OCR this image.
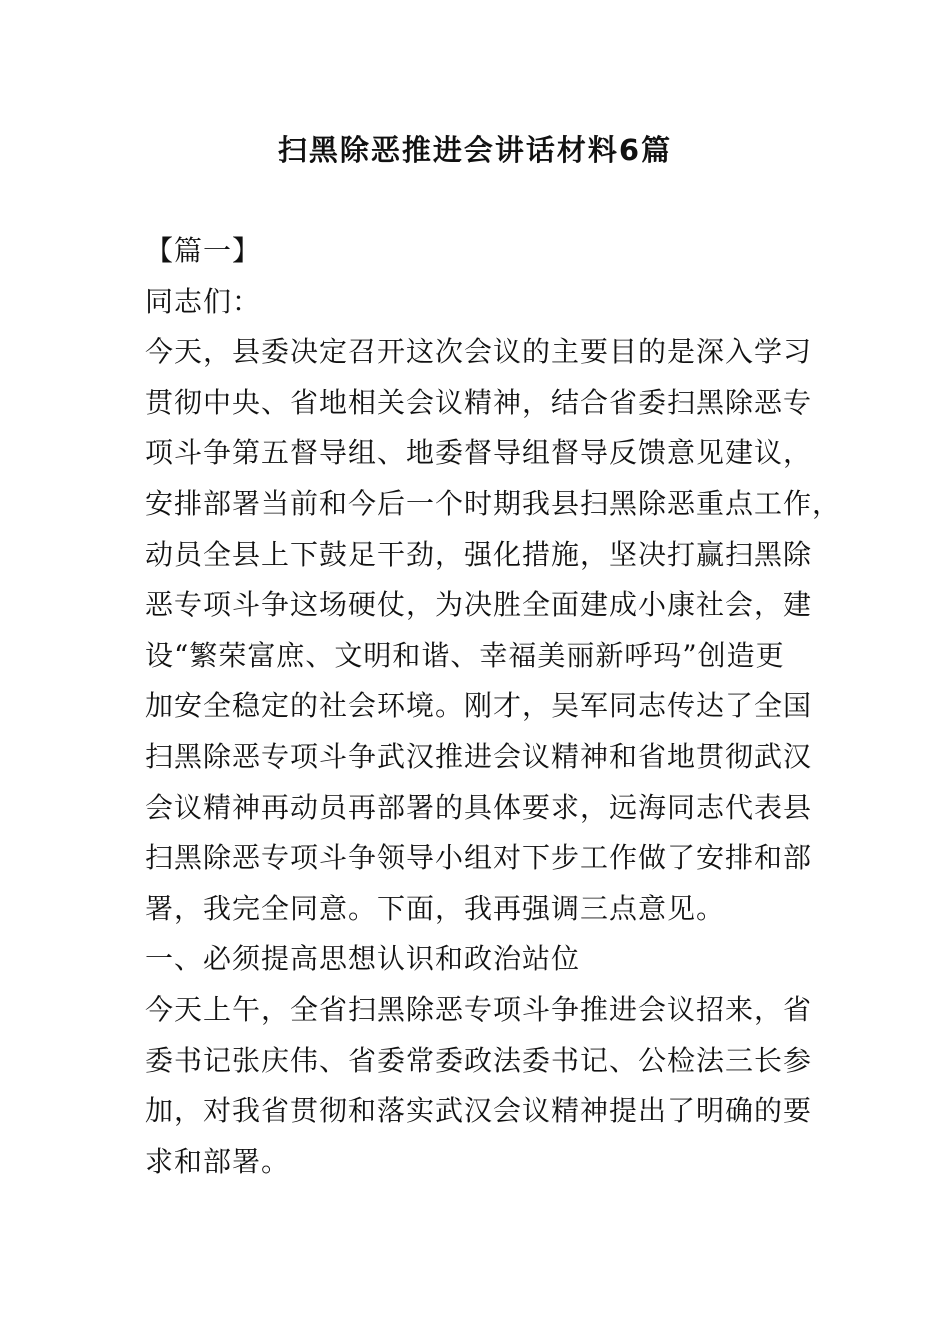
扫黑除恶推进会讲话材料6篇
【篇一】
同志们：
今天，县委决定召开这次会议的主要目的是深入学习
贯彻中央、省地相关会议精神，结合省委扫黑除恶专
项斗争第五督导组、地委督导组督导反馈意见建议，
安排部署当前和今后一个时期我县扫黑除恶重点工作，
动员全县上下鼓足干劲，强化措施，坚决打赢扫黑除
恶专项斗争这场硬仗，为决胜全面建成小康社会，建
设“繁荣富庶、文明和谐、幸福美丽新呼玛”创造更
加安全稳定的社会环境。刚才，吴军同志传达了全国
扫黑除恶专项斗争武汉推进会议精神和省地贯彻武汉
会议精神再动员再部署的具体要求，远海同志代表县
扫黑除恶专项斗争领导小组对下步工作做了安排和部
署，我完全同意。下面，我再强调三点意见。
一、必须提高思想认识和政治站位
今天上午，全省扫黑除恶专项斗争推进会议招来，省
委书记张庆伟、省委常委政法委书记、公检法三长参
加，对我省贯彻和落实武汉会议精神提出了明确的要
求和部署。
